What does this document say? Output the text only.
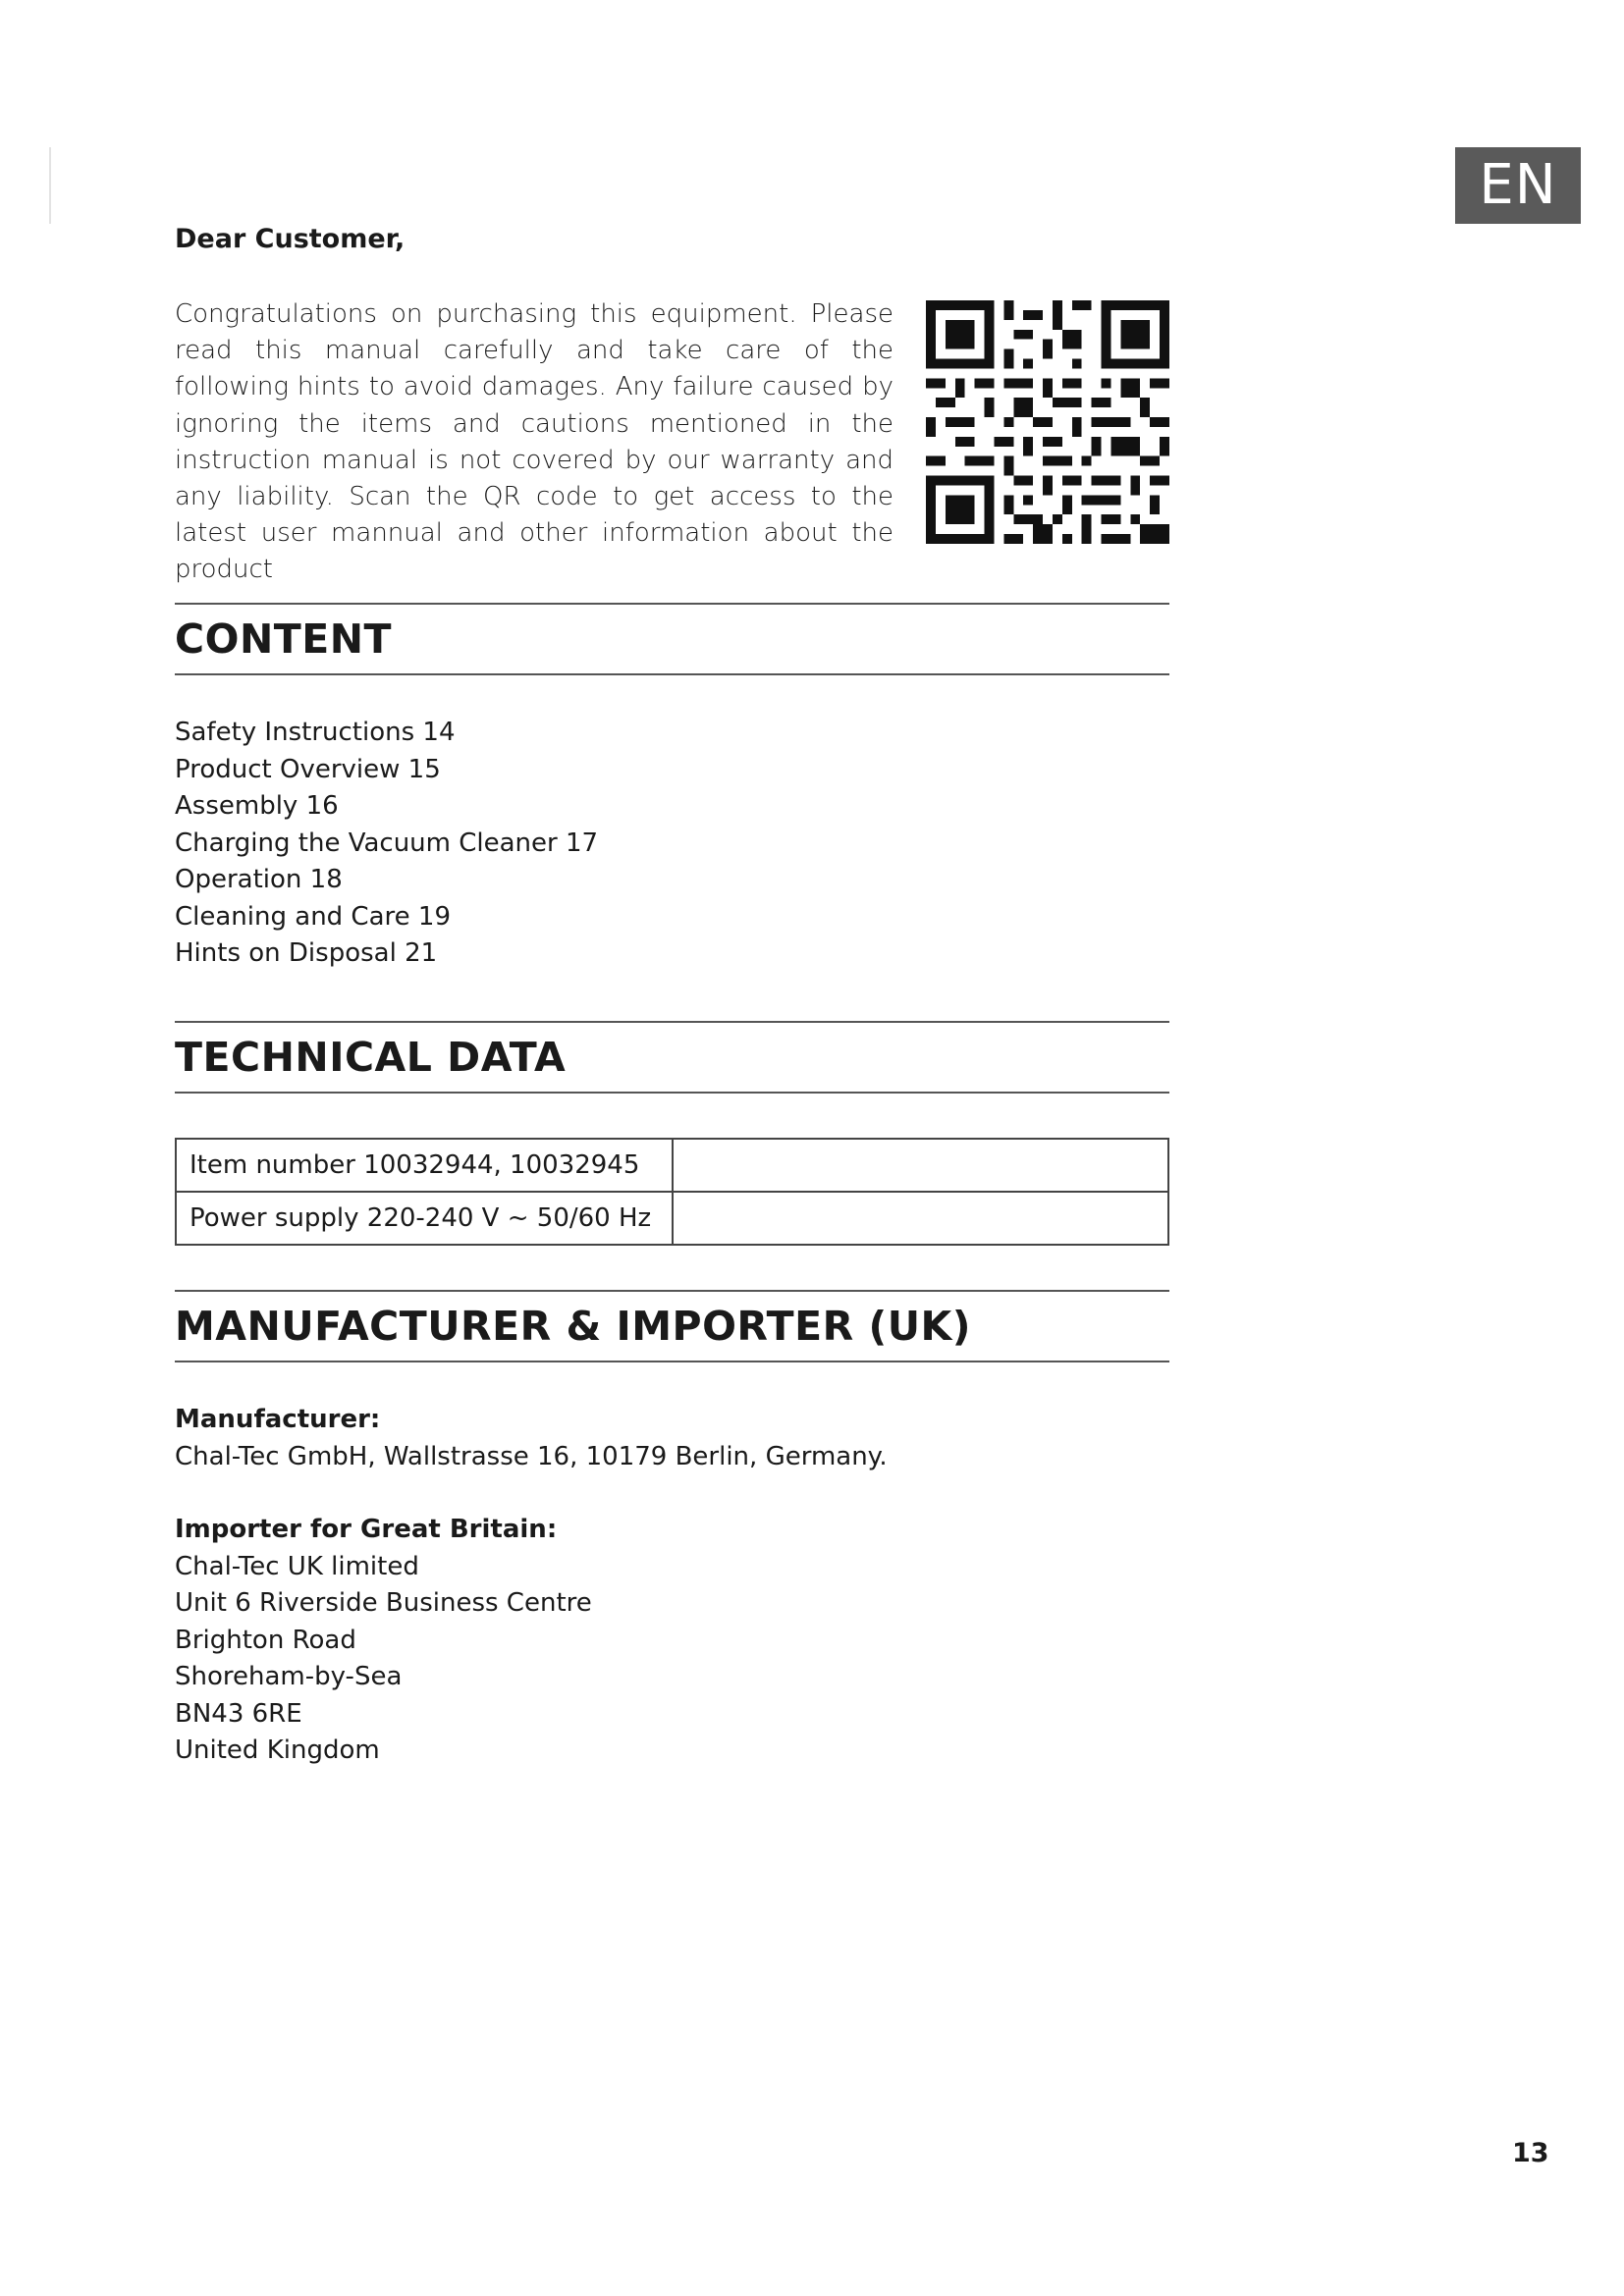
EN
Dear Customer,
Congratulations on purchasing this equipment. Please read this manual carefully and take care of the following hints to avoid damages. Any failure caused by ignoring the items and cautions mentioned in the instruction manual is not covered by our warranty and any liability. Scan the QR code to get access to the latest user mannual and other information about the product
CONTENT
Safety Instructions 14
Product Overview 15
Assembly 16
Charging the Vacuum Cleaner 17
Operation 18
Cleaning and Care 19
Hints on Disposal 21
TECHNICAL DATA
Item number 10032944, 10032945	
Power supply 220-240 V ~ 50/60 Hz	
MANUFACTURER & IMPORTER (UK)
Manufacturer:
Chal-Tec GmbH, Wallstrasse 16, 10179 Berlin, Germany.
Importer for Great Britain:
Chal-Tec UK limited
Unit 6 Riverside Business Centre
Brighton Road
Shoreham-by-Sea
BN43 6RE
United Kingdom
13
